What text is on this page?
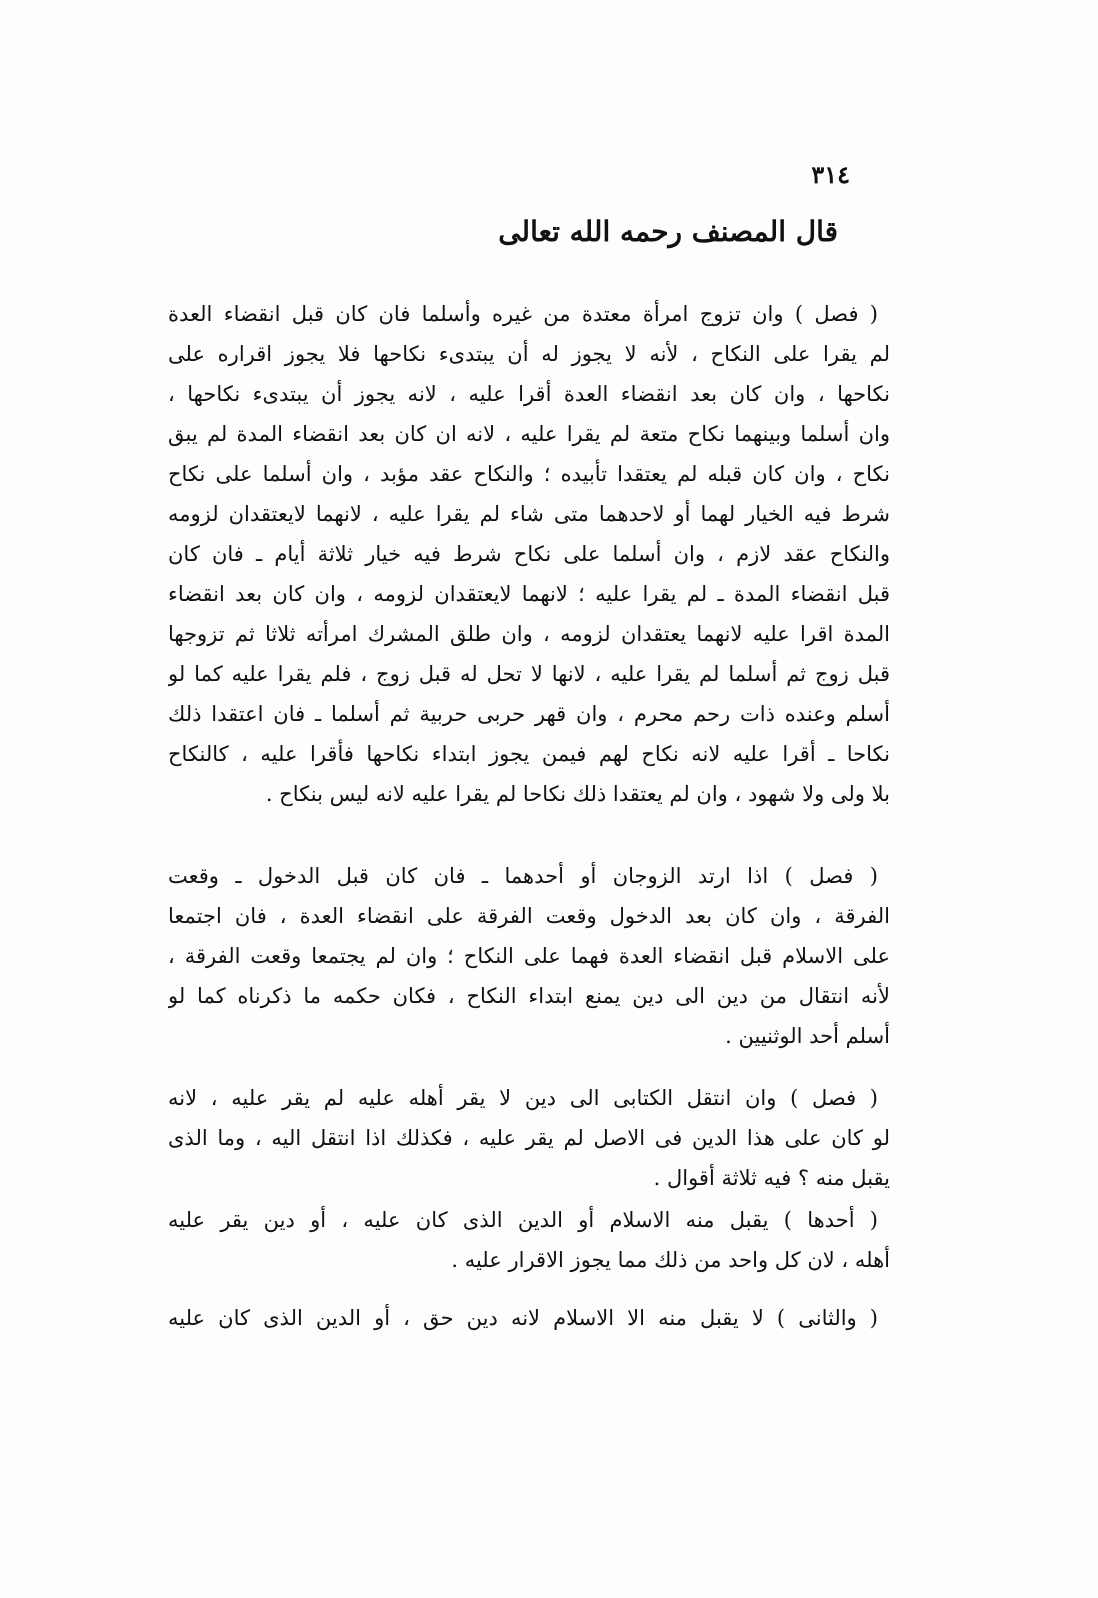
٣١٤
قال المصنف رحمه الله تعالى
( فصل ) وان تزوج امرأة معتدة من غيره وأسلما فان كان قبل انقضاء العدة
لم يقرا على النكاح ، لأنه لا يجوز له أن يبتدىء نكاحها فلا يجوز اقراره على
نكاحها ، وان كان بعد انقضاء العدة أقرا عليه ، لانه يجوز أن يبتدىء نكاحها ،
وان أسلما وبينهما نكاح متعة لم يقرا عليه ، لانه ان كان بعد انقضاء المدة لم يبق
نكاح ، وان كان قبله لم يعتقدا تأبيده ؛ والنكاح عقد مؤبد ، وان أسلما على نكاح
شرط فيه الخيار لهما أو لاحدهما متى شاء لم يقرا عليه ، لانهما لايعتقدان لزومه
والنكاح عقد لازم ، وان أسلما على نكاح شرط فيه خيار ثلاثة أيام ـ فان كان
قبل انقضاء المدة ـ لم يقرا عليه ؛ لانهما لايعتقدان لزومه ، وان كان بعد انقضاء
المدة اقرا عليه لانهما يعتقدان لزومه ، وان طلق المشرك امرأته ثلاثا ثم تزوجها
قبل زوج ثم أسلما لم يقرا عليه ، لانها لا تحل له قبل زوج ، فلم يقرا عليه كما لو
أسلم وعنده ذات رحم محرم ، وان قهر حربى حربية ثم أسلما ـ فان اعتقدا ذلك
نكاحا ـ أقرا عليه لانه نكاح لهم فيمن يجوز ابتداء نكاحها فأقرا عليه ، كالنكاح
بلا ولى ولا شهود ، وان لم يعتقدا ذلك نكاحا لم يقرا عليه لانه ليس بنكاح .
( فصل ) اذا ارتد الزوجان أو أحدهما ـ فان كان قبل الدخول ـ وقعت
الفرقة ، وان كان بعد الدخول وقعت الفرقة على انقضاء العدة ، فان اجتمعا
على الاسلام قبل انقضاء العدة فهما على النكاح ؛ وان لم يجتمعا وقعت الفرقة ،
لأنه انتقال من دين الى دين يمنع ابتداء النكاح ، فكان حكمه ما ذكرناه كما لو
أسلم أحد الوثنيين .
( فصل ) وان انتقل الكتابى الى دين لا يقر أهله عليه لم يقر عليه ، لانه
لو كان على هذا الدين فى الاصل لم يقر عليه ، فكذلك اذا انتقل اليه ، وما الذى
يقبل منه ؟ فيه ثلاثة أقوال .
( أحدها ) يقبل منه الاسلام أو الدين الذى كان عليه ، أو دين يقر عليه
أهله ، لان كل واحد من ذلك مما يجوز الاقرار عليه .
( والثانى ) لا يقبل منه الا الاسلام لانه دين حق ، أو الدين الذى كان عليه
